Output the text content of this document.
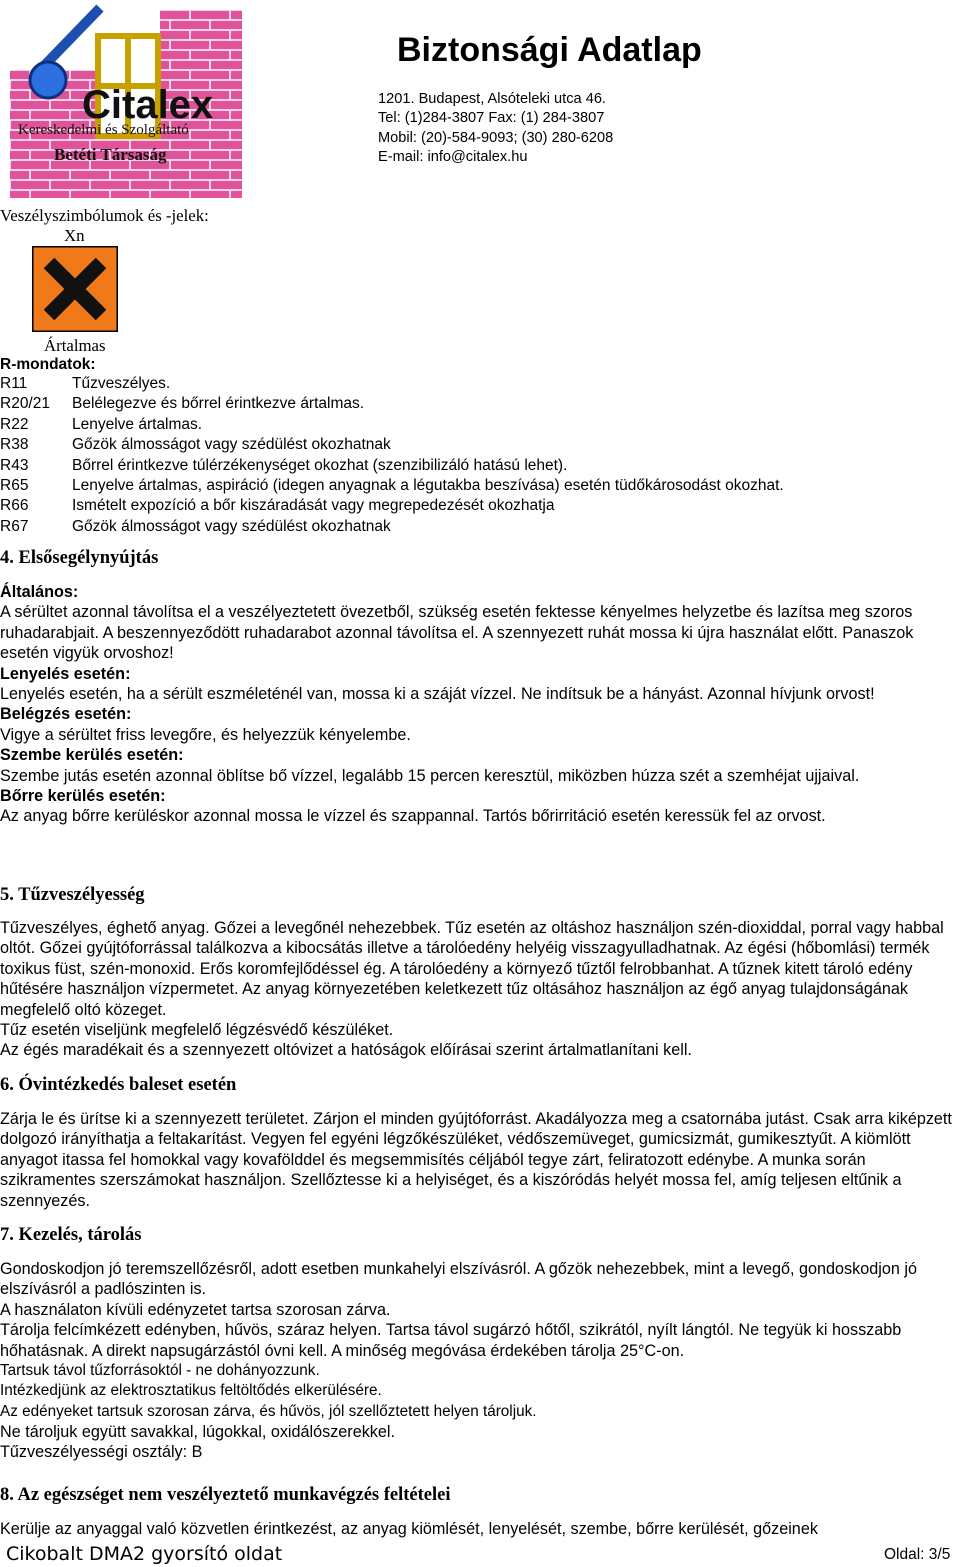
Citalex
Kereskedelmi és Szolgáltató
Betéti Társaság
Biztonsági Adatlap
1201. Budapest, Alsóteleki utca 46.
Tel: (1)284-3807 Fax: (1) 284-3807
Mobil: (20)-584-9093; (30) 280-6208
E-mail: info@citalex.hu
Veszélyszimbólumok és -jelek:
Xn
Ártalmas
R-mondatok:
R11	Tűzveszélyes.
R20/21 Belélegezve és bőrrel érintkezve ártalmas.
R22	Lenyelve ártalmas.
R38	Gőzök álmosságot vagy szédülést okozhatnak
R43	Bőrrel érintkezve túlérzékenységet okozhat (szenzibilizáló hatású lehet).
R65	Lenyelve ártalmas, aspiráció (idegen anyagnak a légutakba beszívása) esetén tüdőkárosodást okozhat.
R66	Ismételt expozíció a bőr kiszáradását vagy megrepedezését okozhatja
R67	Gőzök álmosságot vagy szédülést okozhatnak
4. Elsősegélynyújtás

Általános:

A sérültet azonnal távolítsa el a veszélyeztetett övezetből, szükség esetén fektesse kényelmes helyzetbe és lazítsa meg szoros ruhadarabjait. A beszennyeződött ruhadarabot azonnal távolítsa el. A szennyezett ruhát mossa ki újra használat előtt. Panaszok esetén vigyük orvoshoz!

Lenyelés esetén:

Lenyelés esetén, ha a sérült eszméleténél van, mossa ki a száját vízzel. Ne indítsuk be a hányást. Azonnal hívjunk orvost!

Belégzés esetén:

Vigye a sérültet friss levegőre, és helyezzük kényelembe.

Szembe kerülés esetén:

Szembe jutás esetén azonnal öblítse bő vízzel, legalább 15 percen keresztül, miközben húzza szét a szemhéjat ujjaival.

Bőrre kerülés esetén:

Az anyag bőrre kerüléskor azonnal mossa le vízzel és szappannal. Tartós bőrirritáció esetén keressük fel az orvost.

5. Tűzveszélyesség

Tűzveszélyes, éghető anyag. Gőzei a levegőnél nehezebbek. Tűz esetén az oltáshoz használjon szén-dioxiddal, porral vagy habbal oltót. Gőzei gyújtóforrással találkozva a kibocsátás illetve a tárolóedény helyéig visszagyulladhatnak. Az égési (hőbomlási) termék toxikus füst, szén-monoxid. Erős koromfejlődéssel ég. A tárolóedény a környező tűztől felrobbanhat. A tűznek kitett tároló edény hűtésére használjon vízpermetet. Az anyag környezetében keletkezett tűz oltásához használjon az égő anyag tulajdonságának megfelelő oltó közeget.

Tűz esetén viseljünk megfelelő légzésvédő készüléket.

Az égés maradékait és a szennyezett oltóvizet a hatóságok előírásai szerint ártalmatlanítani kell.

6. Óvintézkedés baleset esetén

Zárja le és ürítse ki a szennyezett területet. Zárjon el minden gyújtóforrást. Akadályozza meg a csatornába jutást. Csak arra kiképzett dolgozó irányíthatja a feltakarítást. Vegyen fel egyéni légzőkészüléket, védőszemüveget, gumicsizmát, gumikesztyűt. A kiömlött anyagot itassa fel homokkal vagy kovafölddel és megsemmisítés céljából tegye zárt, feliratozott edénybe. A munka során szikramentes szerszámokat használjon. Szellőztesse ki a helyiséget, és a kiszóródás helyét mossa fel, amíg teljesen eltűnik a szennyezés.

7. Kezelés, tárolás

Gondoskodjon jó teremszellőzésről, adott esetben munkahelyi elszívásról. A gőzök nehezebbek, mint a levegő, gondoskodjon jó elszívásról a padlószinten is.

A használaton kívüli edényzetet tartsa szorosan zárva.

Tárolja felcímkézett edényben, hűvös, száraz helyen. Tartsa távol sugárzó hőtől, szikrától, nyílt lángtól. Ne tegyük ki hosszabb hőhatásnak. A direkt napsugárzástól óvni kell. A minőség megóvása érdekében tárolja 25°C-on.

Tartsuk távol tűzforrásoktól - ne dohányozzunk.

Intézkedjünk az elektrosztatikus feltöltődés elkerülésére.

Az edényeket tartsuk szorosan zárva, és hűvös, jól szellőztetett helyen tároljuk.

Ne tároljuk együtt savakkal, lúgokkal, oxidálószerekkel.

Tűzveszélyességi osztály: B

8. Az egészséget nem veszélyeztető munkavégzés feltételei

Kerülje az anyaggal való közvetlen érintkezést, az anyag kiömlését, lenyelését, szembe, bőrre kerülését, gőzeinek

Cikobalt DMA2 gyorsító oldat	Oldal: 3/5
